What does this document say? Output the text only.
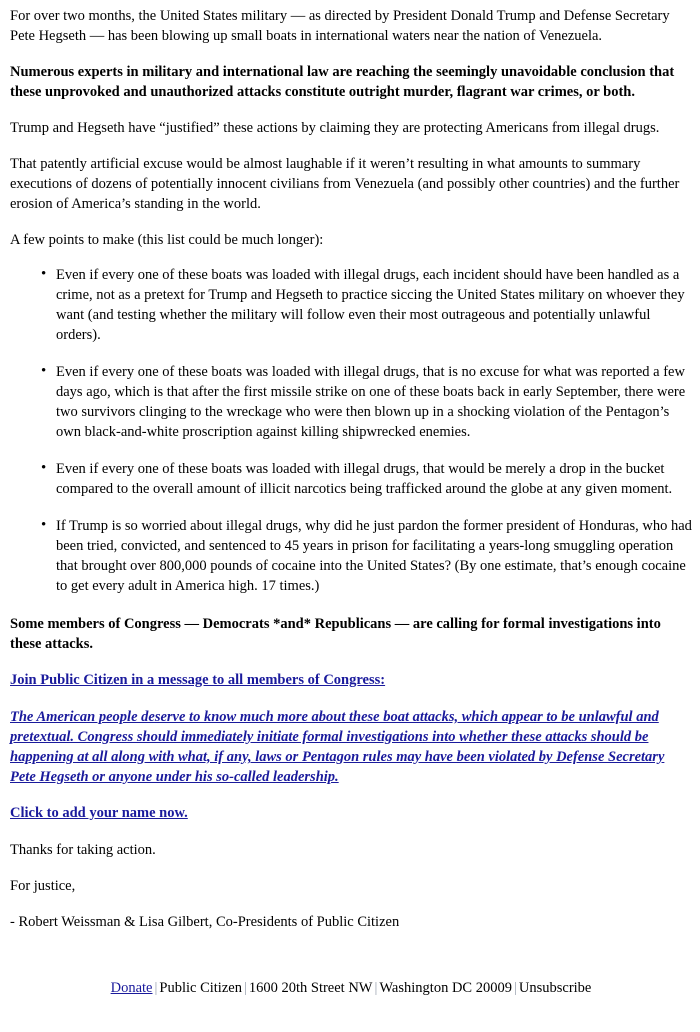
For over two months, the United States military — as directed by President Donald Trump and Defense Secretary Pete Hegseth — has been blowing up small boats in international waters near the nation of Venezuela.

Numerous experts in military and international law are reaching the seemingly unavoidable conclusion that these unprovoked and unauthorized attacks constitute outright murder, flagrant war crimes, or both.

Trump and Hegseth have “justified” these actions by claiming they are protecting Americans from illegal drugs.

That patently artificial excuse would be almost laughable if it weren’t resulting in what amounts to summary executions of dozens of potentially innocent civilians from Venezuela (and possibly other countries) and the further erosion of America’s standing in the world.

A few points to make (this list could be much longer):

• Even if every one of these boats was loaded with illegal drugs, each incident should have been handled as a crime, not as a pretext for Trump and Hegseth to practice siccing the United States military on whoever they want (and testing whether the military will follow even their most outrageous and potentially unlawful orders).
• Even if every one of these boats was loaded with illegal drugs, that is no excuse for what was reported a few days ago, which is that after the first missile strike on one of these boats back in early September, there were two survivors clinging to the wreckage who were then blown up in a shocking violation of the Pentagon’s own black-and-white proscription against killing shipwrecked enemies.
• Even if every one of these boats was loaded with illegal drugs, that would be merely a drop in the bucket compared to the overall amount of illicit narcotics being trafficked around the globe at any given moment.
• If Trump is so worried about illegal drugs, why did he just pardon the former president of Honduras, who had been tried, convicted, and sentenced to 45 years in prison for facilitating a years-long smuggling operation that brought over 800,000 pounds of cocaine into the United States? (By one estimate, that’s enough cocaine to get every adult in America high. 17 times.)

Some members of Congress — Democrats *and* Republicans — are calling for formal investigations into these attacks.

Join Public Citizen in a message to all members of Congress:
The American people deserve to know much more about these boat attacks, which appear to be unlawful and pretextual. Congress should immediately initiate formal investigations into whether these attacks should be happening at all along with what, if any, laws or Pentagon rules may have been violated by Defense Secretary Pete Hegseth or anyone under his so-called leadership.
Click to add your name now.

Thanks for taking action.

For justice,

- Robert Weissman & Lisa Gilbert, Co-Presidents of Public Citizen

Donate | Public Citizen | 1600 20th Street NW | Washington DC 20009 | Unsubscribe
